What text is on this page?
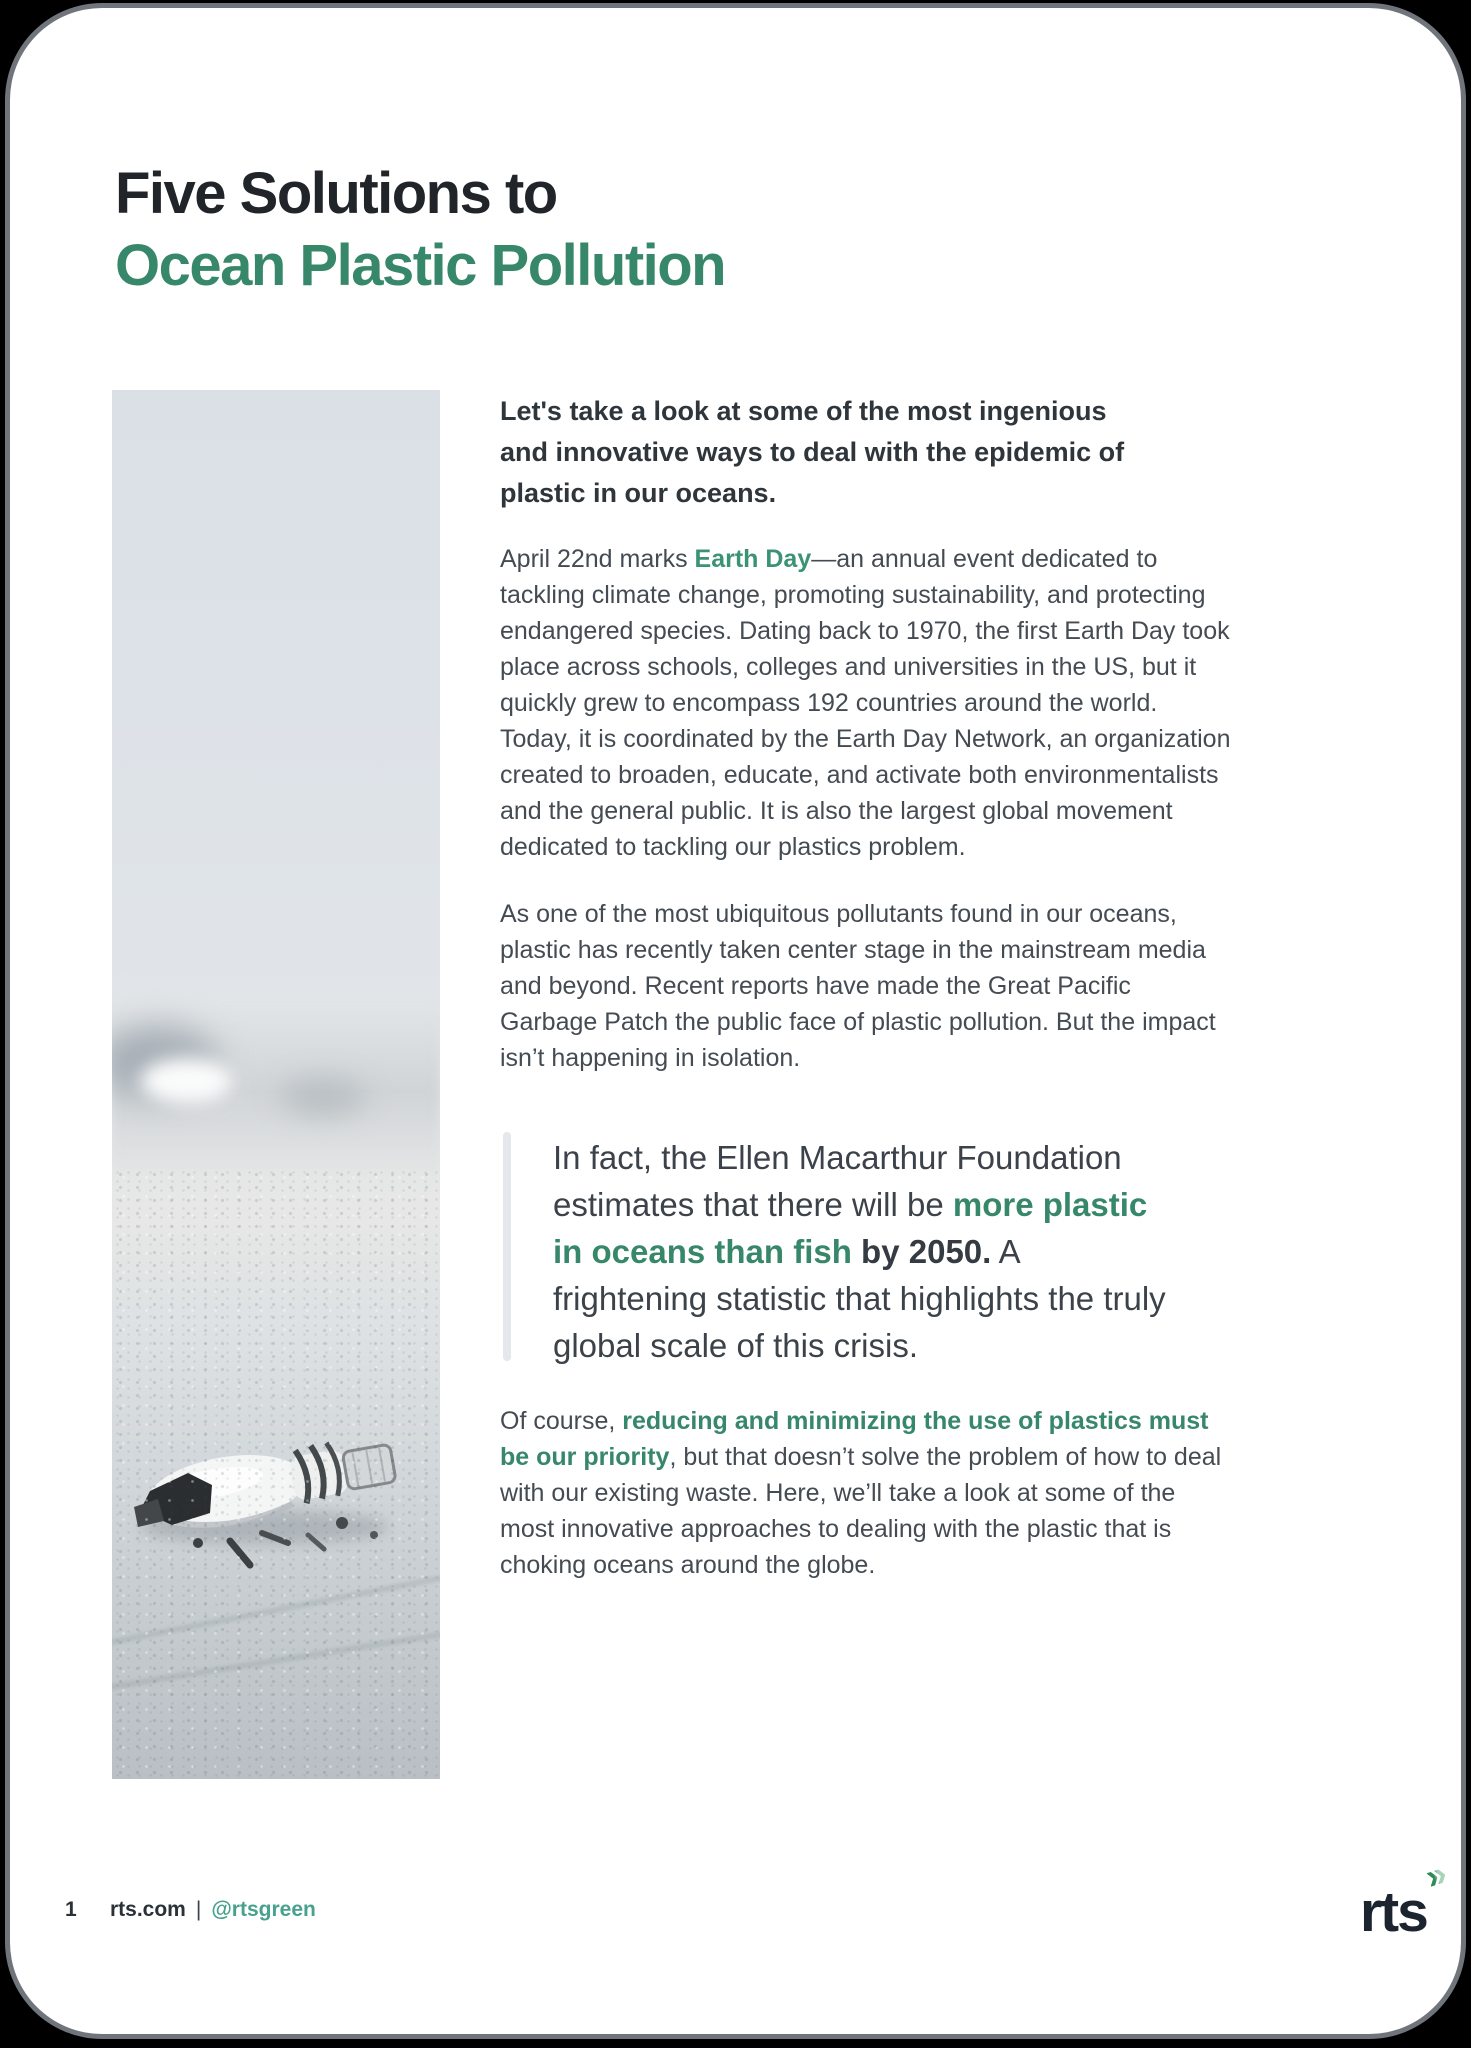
Five Solutions to
Ocean Plastic Pollution

Let's take a look at some of the most ingenious and innovative ways to deal with the epidemic of plastic in our oceans.

April 22nd marks Earth Day—an annual event dedicated to tackling climate change, promoting sustainability, and protecting endangered species. Dating back to 1970, the first Earth Day took place across schools, colleges and universities in the US, but it quickly grew to encompass 192 countries around the world. Today, it is coordinated by the Earth Day Network, an organization created to broaden, educate, and activate both environmentalists and the general public. It is also the largest global movement dedicated to tackling our plastics problem.

As one of the most ubiquitous pollutants found in our oceans, plastic has recently taken center stage in the mainstream media and beyond. Recent reports have made the Great Pacific Garbage Patch the public face of plastic pollution. But the impact isn’t happening in isolation.

In fact, the Ellen Macarthur Foundation estimates that there will be more plastic in oceans than fish by 2050. A frightening statistic that highlights the truly global scale of this crisis.

Of course, reducing and minimizing the use of plastics must be our priority, but that doesn’t solve the problem of how to deal with our existing waste. Here, we’ll take a look at some of the most innovative approaches to dealing with the plastic that is choking oceans around the globe.

1	rts.com | @rtsgreen
»
rts
